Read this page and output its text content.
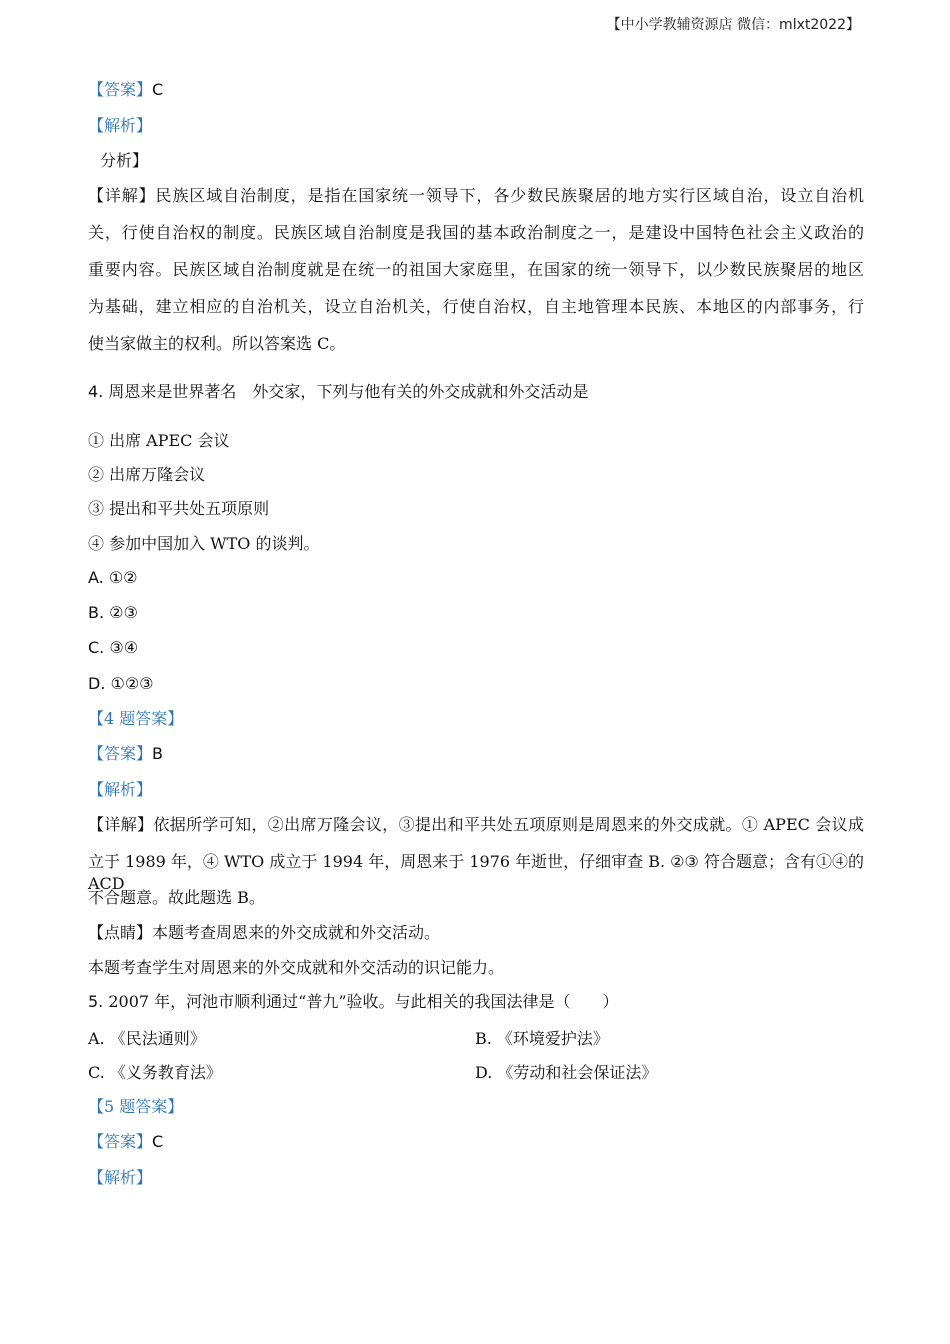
【中小学教辅资源店 微信：mlxt2022】
【答案】C
【解析】
分析】
【详解】民族区域自治制度，是指在国家统一领导下，各少数民族聚居的地方实行区域自治，设立自治机
关，行使自治权的制度。民族区域自治制度是我国的基本政治制度之一，是建设中国特色社会主义政治的
重要内容。民族区域自治制度就是在统一的祖国大家庭里，在国家的统一领导下，以少数民族聚居的地区
为基础，建立相应的自治机关，设立自治机关，行使自治权，自主地管理本民族、本地区的内部事务，行
使当家做主的权利。所以答案选 C。
4. 周恩来是世界著名　外交家，下列与他有关的外交成就和外交活动是
① 出席 APEC 会议
② 出席万隆会议
③ 提出和平共处五项原则
④ 参加中国加入 WTO 的谈判。
A. ①②
B. ②③
C. ③④
D. ①②③
【4 题答案】
【答案】B
【解析】
【详解】依据所学可知，②出席万隆会议，③提出和平共处五项原则是周恩来的外交成就。① APEC 会议成
立于 1989 年，④ WTO 成立于 1994 年，周恩来于 1976 年逝世，仔细审查 B. ②③ 符合题意；含有①④的 ACD
不合题意。故此题选 B。
【点睛】本题考查周恩来的外交成就和外交活动。
本题考查学生对周恩来的外交成就和外交活动的识记能力。
5. 2007 年，河池市顺利通过“普九”验收。与此相关的我国法律是（　　）
A. 《民法通则》	B. 《环境爱护法》
C. 《义务教育法》	D. 《劳动和社会保证法》
【5 题答案】
【答案】C
【解析】
